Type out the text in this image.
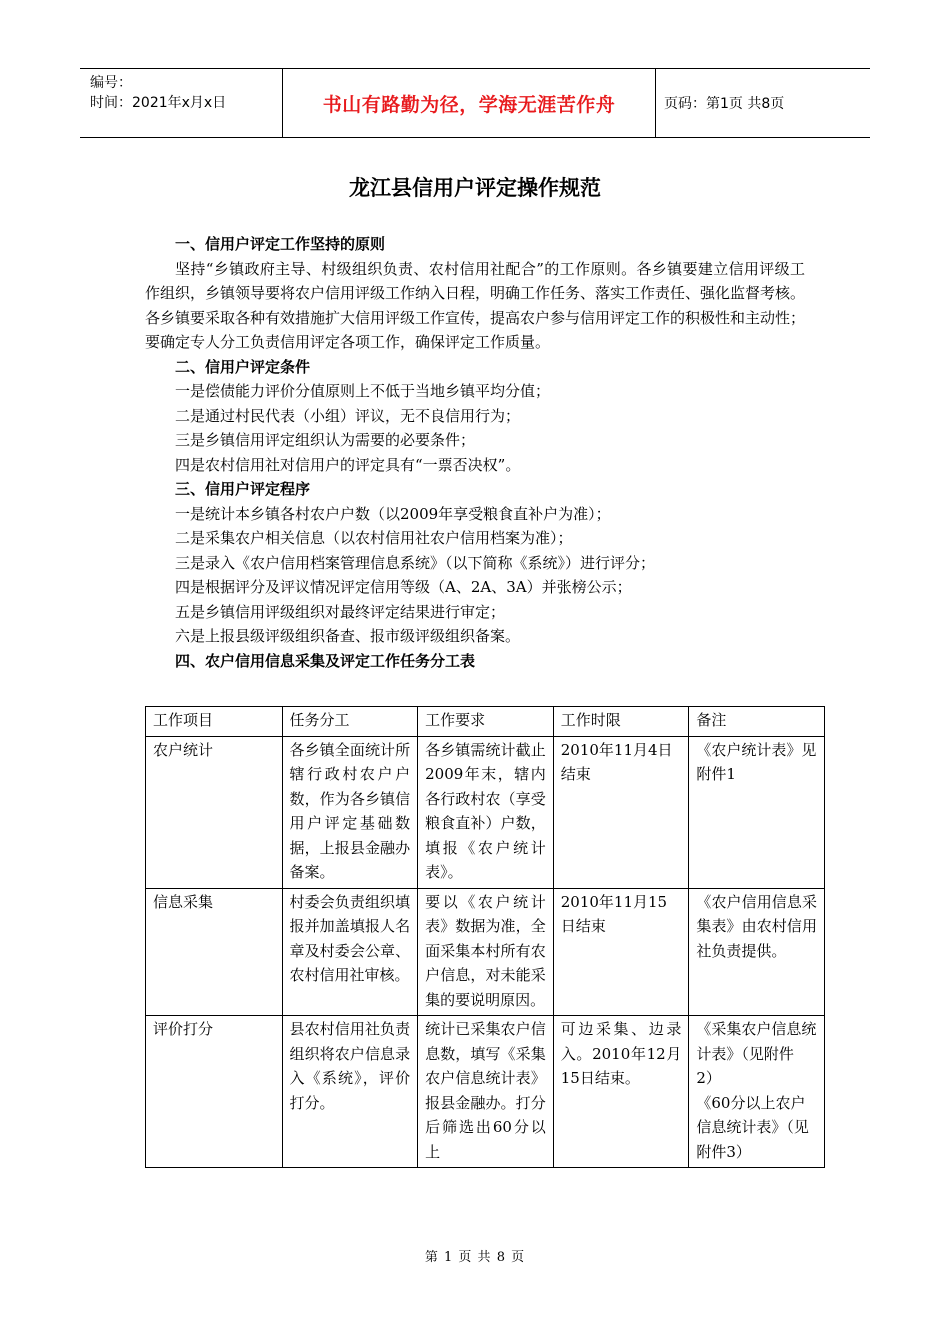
编号：
时间：2021年x月x日	书山有路勤为径，学海无涯苦作舟	页码：第1页 共8页
龙江县信用户评定操作规范

一、信用户评定工作坚持的原则

坚持“乡镇政府主导、村级组织负责、农村信用社配合”的工作原则。各乡镇要建立信用评级工作组织，乡镇领导要将农户信用评级工作纳入日程，明确工作任务、落实工作责任、强化监督考核。各乡镇要采取各种有效措施扩大信用评级工作宣传，提高农户参与信用评定工作的积极性和主动性；要确定专人分工负责信用评定各项工作，确保评定工作质量。

二、信用户评定条件

一是偿债能力评价分值原则上不低于当地乡镇平均分值；

二是通过村民代表（小组）评议，无不良信用行为；

三是乡镇信用评定组织认为需要的必要条件；

四是农村信用社对信用户的评定具有“一票否决权”。

三、信用户评定程序

一是统计本乡镇各村农户户数（以2009年享受粮食直补户为准）；

二是采集农户相关信息（以农村信用社农户信用档案为准）；

三是录入《农户信用档案管理信息系统》（以下简称《系统》）进行评分；

四是根据评分及评议情况评定信用等级（A、2A、3A）并张榜公示；

五是乡镇信用评级组织对最终评定结果进行审定；

六是上报县级评级组织备查、报市级评级组织备案。

四、农户信用信息采集及评定工作任务分工表

工作项目	任务分工	工作要求	工作时限	备注
农户统计	各乡镇全面统计所辖行政村农户户数，作为各乡镇信用户评定基础数据，上报县金融办备案。	各乡镇需统计截止2009年末，辖内各行政村农（享受粮食直补）户数，填报《农户统计表》。	2010年11月4日结束	《农户统计表》见附件1
信息采集	村委会负责组织填报并加盖填报人名章及村委会公章、农村信用社审核。	要以《农户统计表》数据为准，全面采集本村所有农户信息，对未能采集的要说明原因。	2010年11月15日结束	《农户信用信息采集表》由农村信用社负责提供。
评价打分	县农村信用社负责组织将农户信息录入《系统》，评价打分。	统计已采集农户信息数，填写《采集农户信息统计表》报县金融办。打分后筛选出60分以上	可边采集、边录入。2010年12月15日结束。	《采集农户信息统计表》（见附件2）
《60分以上农户信息统计表》（见附件3）
第 1 页 共 8 页
